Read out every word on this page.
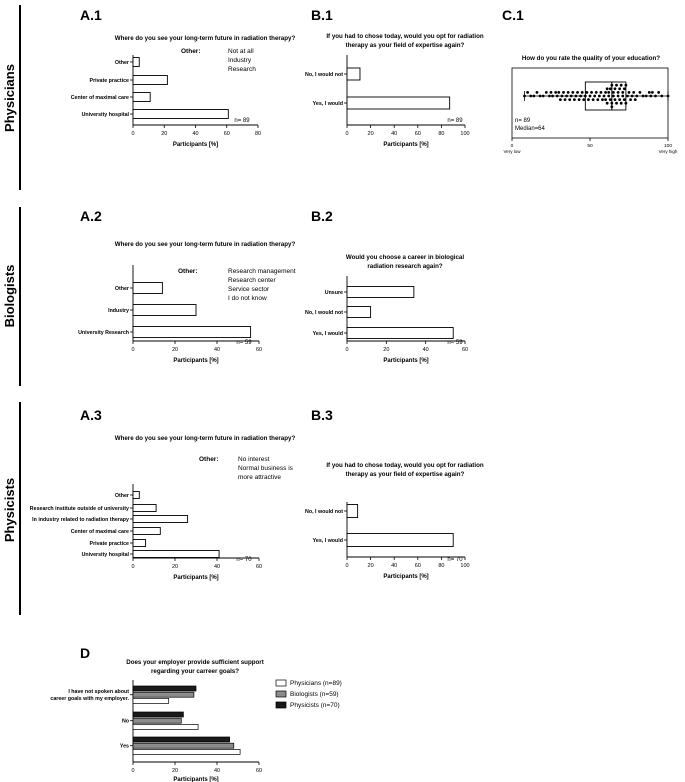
Physicians
Biologists
Physicists
A.1
Where do you see your long-term future in radiation therapy?
0	20	40	60	80
Participants [%]
Other
Private practice
Center of maximal care
University hospital
n= 89
Other:	Not at all
Industry
Research
B.1
If you had to chose today, would you opt for radiation
therapy as your field of expertise again?
0	20	40	60	80	100
Participants [%]
No, I would not
Yes, I would
n= 89
C.1
How do you rate the quality of your education?
0	50	100
Very low	Very high
n= 89
Median=64
A.2
Where do you see your long-term future in radiation therapy?
0	20	40	60
Participants [%]
Other
Industry
University Research
n= 59
Other:	Research management
Research center
Service sector
I do not know
B.2
Would you choose a career in biological
radiation research again?
0	20	40	60
Participants [%]
Unsure
No, I would not
Yes, I would
n= 59
A.3
Where do you see your long-term future in radiation therapy?
0	20	40	60
Participants [%]
Other
Research institute outside of university
In industry related to radiation therapy
Center of maximal care
Private practice
University hospital
n= 70
Other:	No interest
Normal business is
more attractive
B.3
If you had to chose today, would you opt for radiation
therapy as your field of expertise again?
0	20	40	60	80	100
Participants [%]
No, I would not
Yes, I would
n= 70
D
Does your employer provide sufficient support
regarding your carreer goals?
0	20	40	60
Participants [%]
I have not spoken about
career goals with my employer.
No
Yes
Physicians (n=89)
Biologists (n=59)
Physicists (n=70)
